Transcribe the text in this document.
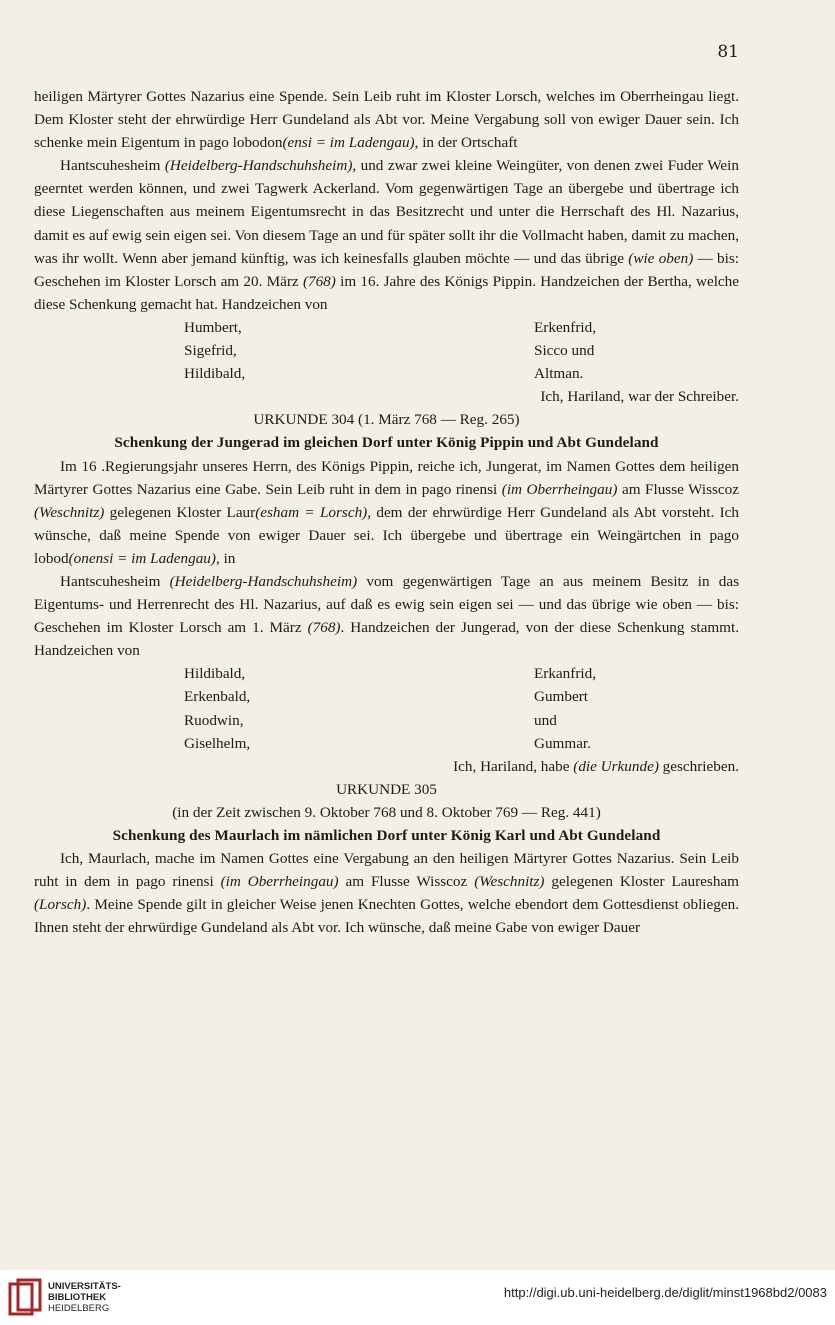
81

heiligen Märtyrer Gottes Nazarius eine Spende. Sein Leib ruht im Kloster Lorsch, welches im Oberrheingau liegt. Dem Kloster steht der ehrwürdige Herr Gundeland als Abt vor. Meine Vergabung soll von ewiger Dauer sein. Ich schenke mein Eigentum in pago lobodon(ensi = im Ladengau), in der Ortschaft

Hantscuhesheim (Heidelberg-Handschuhsheim), und zwar zwei kleine Weingüter, von denen zwei Fuder Wein geerntet werden können, und zwei Tagwerk Ackerland. Vom gegenwärtigen Tage an übergebe und übertrage ich diese Liegenschaften aus meinem Eigentumsrecht in das Besitzrecht und unter die Herrschaft des Hl. Nazarius, damit es auf ewig sein eigen sei. Von diesem Tage an und für später sollt ihr die Vollmacht haben, damit zu machen, was ihr wollt. Wenn aber jemand künftig, was ich keinesfalls glauben möchte — und das übrige (wie oben) — bis: Geschehen im Kloster Lorsch am 20. März (768) im 16. Jahre des Königs Pippin. Handzeichen der Bertha, welche diese Schenkung gemacht hat. Handzeichen von

Humbert,	Erkenfrid,
Sigefrid,	Sicco und
Hildibald,	Altman.

Ich, Hariland, war der Schreiber.

URKUNDE 304 (1. März 768 — Reg. 265)

Schenkung der Jungerad im gleichen Dorf unter König Pippin und Abt Gundeland

Im 16 .Regierungsjahr unseres Herrn, des Königs Pippin, reiche ich, Jungerat, im Namen Gottes dem heiligen Märtyrer Gottes Nazarius eine Gabe. Sein Leib ruht in dem in pago rinensi (im Oberrheingau) am Flusse Wisscoz (Weschnitz) gelegenen Kloster Laur(esham = Lorsch), dem der ehrwürdige Herr Gundeland als Abt vorsteht. Ich wünsche, daß meine Spende von ewiger Dauer sei. Ich übergebe und übertrage ein Weingärtchen in pago lobod(onensi = im Ladengau), in

Hantscuhesheim (Heidelberg-Handschuhsheim) vom gegenwärtigen Tage an aus meinem Besitz in das Eigentums- und Herrenrecht des Hl. Nazarius, auf daß es ewig sein eigen sei — und das übrige wie oben — bis: Geschehen im Kloster Lorsch am 1. März (768). Handzeichen der Jungerad, von der diese Schenkung stammt. Handzeichen von

Hildibald,	Erkanfrid,
Erkenbald,	Gumbert
Ruodwin,	und
Giselhelm,	Gummar.

Ich, Hariland, habe (die Urkunde) geschrieben.

URKUNDE 305

(in der Zeit zwischen 9. Oktober 768 und 8. Oktober 769 — Reg. 441)

Schenkung des Maurlach im nämlichen Dorf unter König Karl und Abt Gundeland

Ich, Maurlach, mache im Namen Gottes eine Vergabung an den heiligen Märtyrer Gottes Nazarius. Sein Leib ruht in dem in pago rinensi (im Oberrheingau) am Flusse Wisscoz (Weschnitz) gelegenen Kloster Lauresham (Lorsch). Meine Spende gilt in gleicher Weise jenen Knechten Gottes, welche ebendort dem Gottesdienst obliegen. Ihnen steht der ehrwürdige Gundeland als Abt vor. Ich wünsche, daß meine Gabe von ewiger Dauer

UNIVERSITÄTS-
BIBLIOTHEK
HEIDELBERG
http://digi.ub.uni-heidelberg.de/diglit/minst1968bd2/0083
